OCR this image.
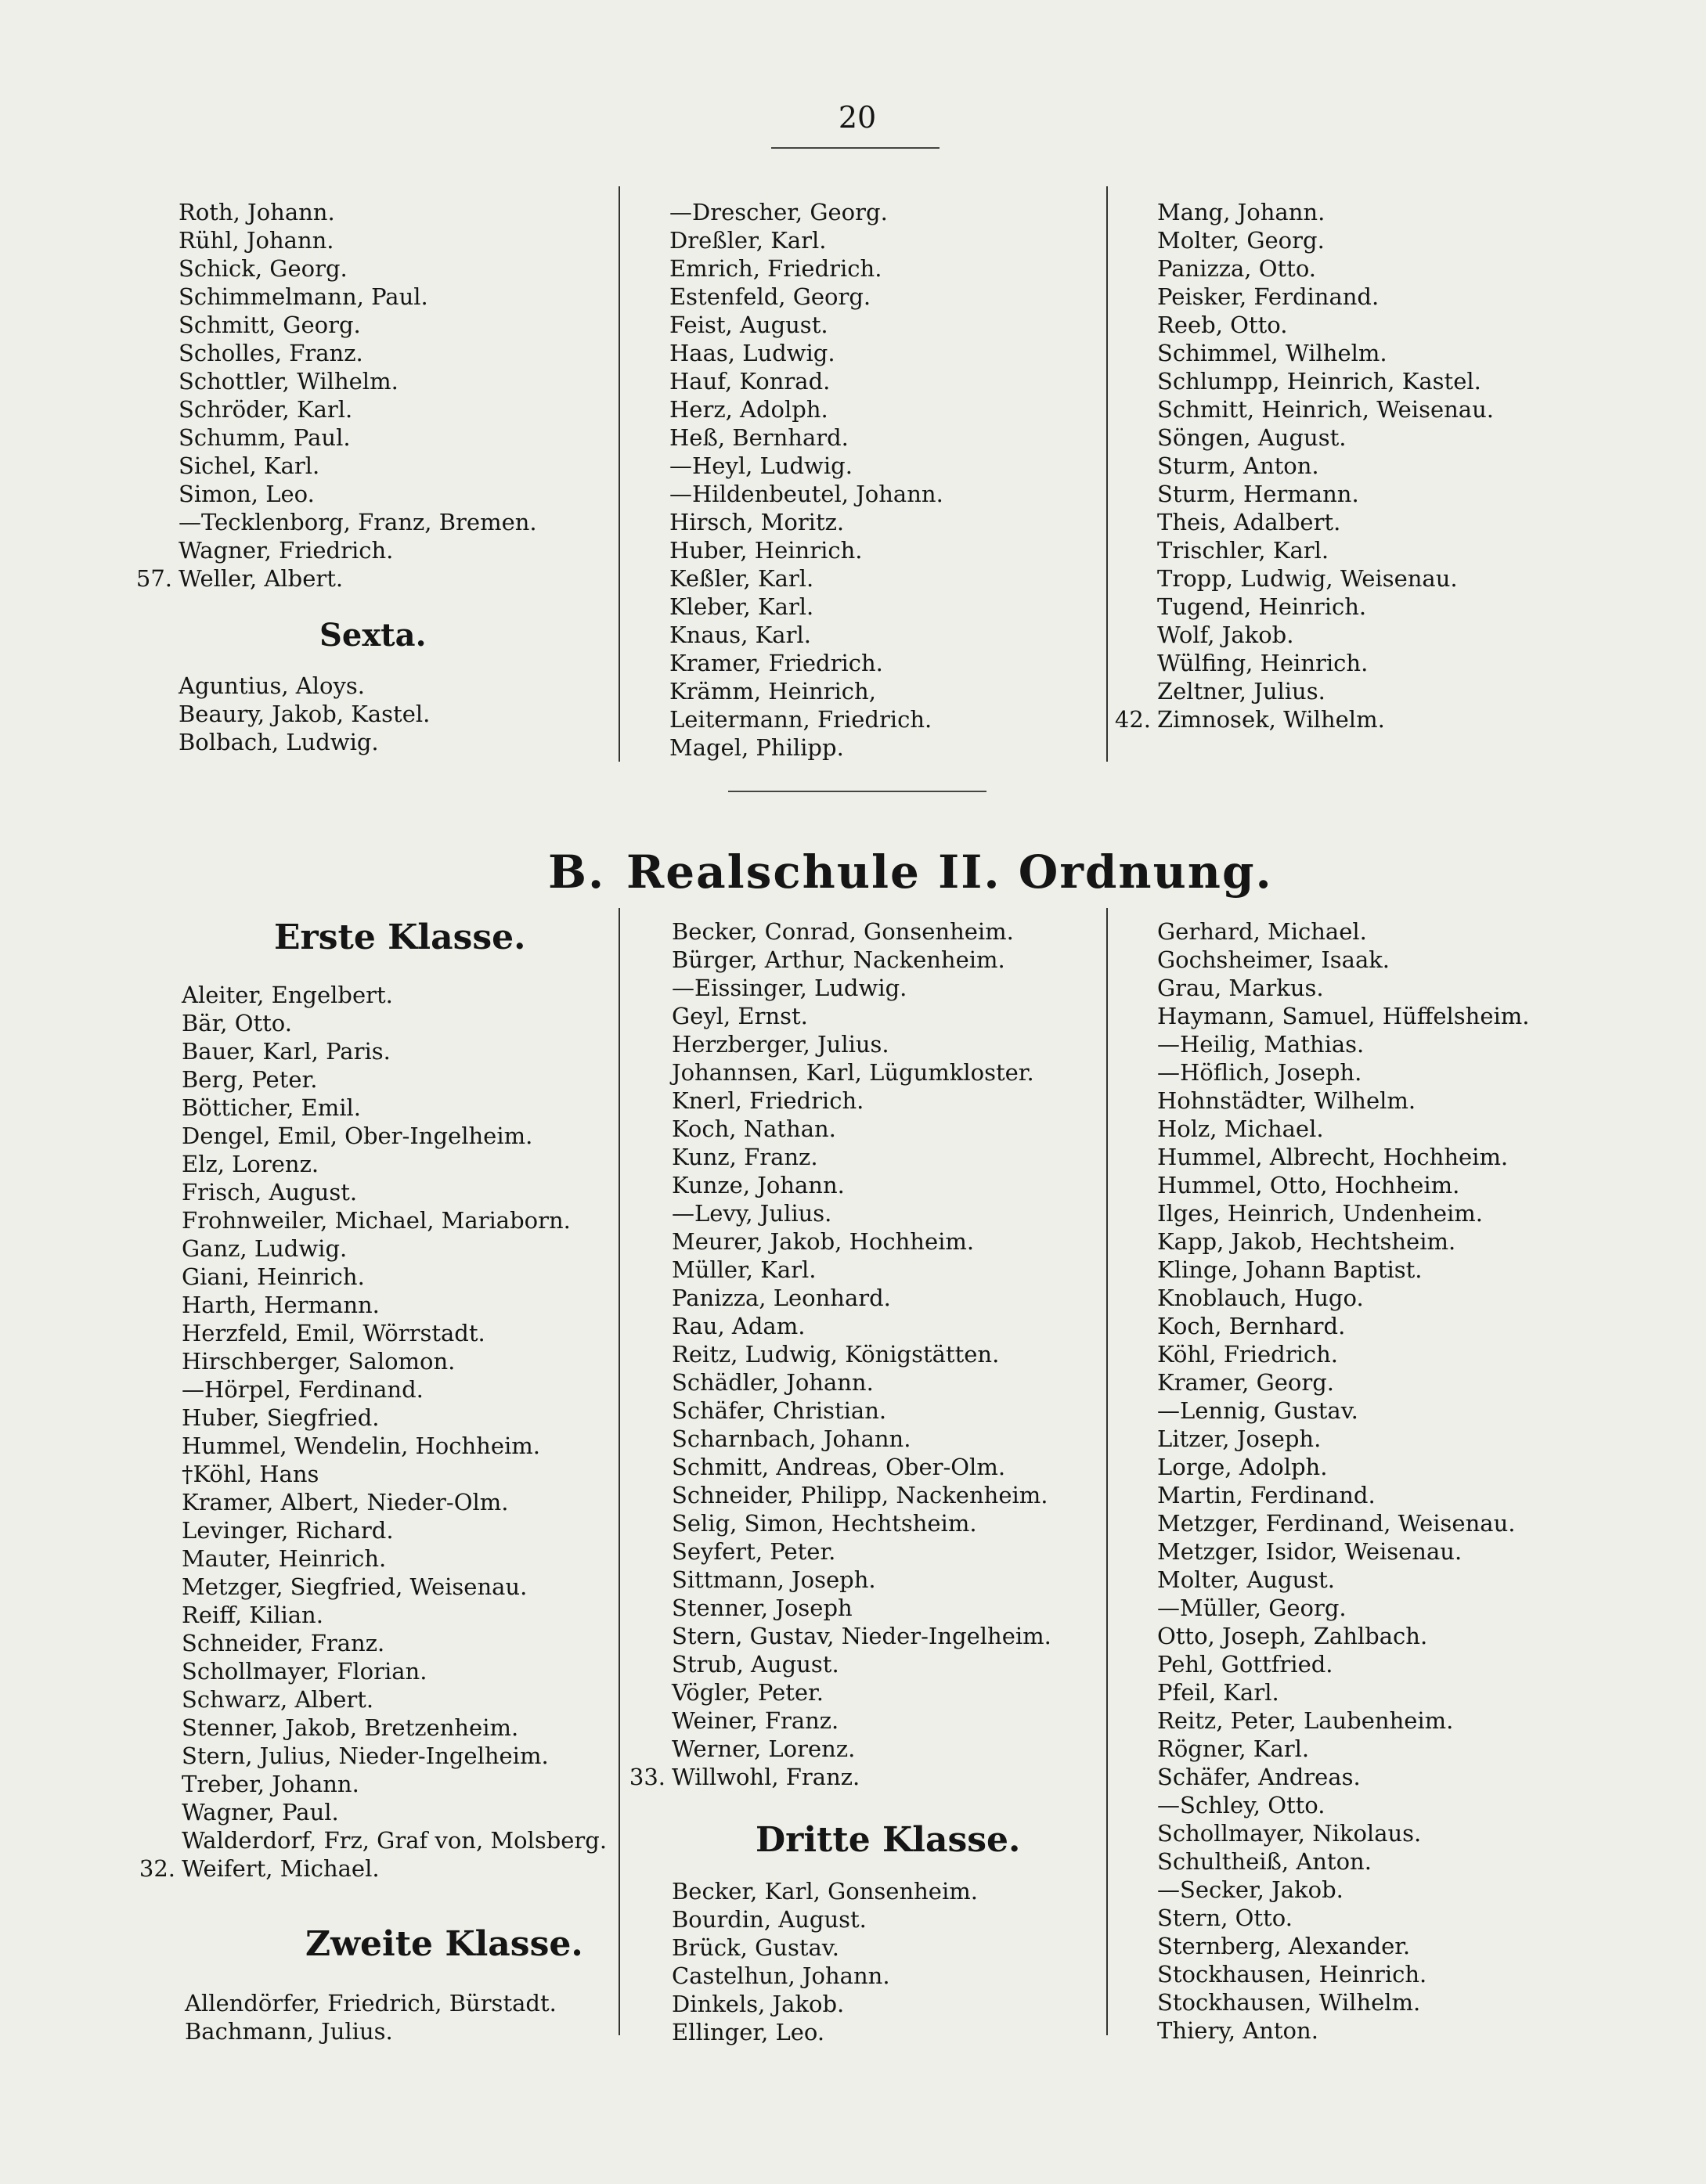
20
Roth, Johann.
Rühl, Johann.
Schick, Georg.
Schimmelmann, Paul.
Schmitt, Georg.
Scholles, Franz.
Schottler, Wilhelm.
Schröder, Karl.
Schumm, Paul.
Sichel, Karl.
Simon, Leo.
—Tecklenborg, Franz, Bremen.
Wagner, Friedrich.
57. Weller, Albert.
Sexta.
Aguntius, Aloys.
Beaury, Jakob, Kastel.
Bolbach, Ludwig.
—Drescher, Georg.
Dreßler, Karl.
Emrich, Friedrich.
Estenfeld, Georg.
Feist, August.
Haas, Ludwig.
Hauf, Konrad.
Herz, Adolph.
Heß, Bernhard.
—Heyl, Ludwig.
—Hildenbeutel, Johann.
Hirsch, Moritz.
Huber, Heinrich.
Keßler, Karl.
Kleber, Karl.
Knaus, Karl.
Kramer, Friedrich.
Krämm, Heinrich,
Leitermann, Friedrich.
Magel, Philipp.
Mang, Johann.
Molter, Georg.
Panizza, Otto.
Peisker, Ferdinand.
Reeb, Otto.
Schimmel, Wilhelm.
Schlumpp, Heinrich, Kastel.
Schmitt, Heinrich, Weisenau.
Söngen, August.
Sturm, Anton.
Sturm, Hermann.
Theis, Adalbert.
Trischler, Karl.
Tropp, Ludwig, Weisenau.
Tugend, Heinrich.
Wolf, Jakob.
Wülfing, Heinrich.
Zeltner, Julius.
42. Zimnosek, Wilhelm.
B. Realschule II. Ordnung.
Erste Klasse.
Aleiter, Engelbert.
Bär, Otto.
Bauer, Karl, Paris.
Berg, Peter.
Bötticher, Emil.
Dengel, Emil, Ober-Ingelheim.
Elz, Lorenz.
Frisch, August.
Frohnweiler, Michael, Mariaborn.
Ganz, Ludwig.
Giani, Heinrich.
Harth, Hermann.
Herzfeld, Emil, Wörrstadt.
Hirschberger, Salomon.
—Hörpel, Ferdinand.
Huber, Siegfried.
Hummel, Wendelin, Hochheim.
†Köhl, Hans
Kramer, Albert, Nieder-Olm.
Levinger, Richard.
Mauter, Heinrich.
Metzger, Siegfried, Weisenau.
Reiff, Kilian.
Schneider, Franz.
Schollmayer, Florian.
Schwarz, Albert.
Stenner, Jakob, Bretzenheim.
Stern, Julius, Nieder-Ingelheim.
Treber, Johann.
Wagner, Paul.
Walderdorf, Frz, Graf von, Molsberg.
32. Weifert, Michael.
Zweite Klasse.
Allendörfer, Friedrich, Bürstadt.
Bachmann, Julius.
Becker, Conrad, Gonsenheim.
Bürger, Arthur, Nackenheim.
—Eissinger, Ludwig.
Geyl, Ernst.
Herzberger, Julius.
Johannsen, Karl, Lügumkloster.
Knerl, Friedrich.
Koch, Nathan.
Kunz, Franz.
Kunze, Johann.
—Levy, Julius.
Meurer, Jakob, Hochheim.
Müller, Karl.
Panizza, Leonhard.
Rau, Adam.
Reitz, Ludwig, Königstätten.
Schädler, Johann.
Schäfer, Christian.
Scharnbach, Johann.
Schmitt, Andreas, Ober-Olm.
Schneider, Philipp, Nackenheim.
Selig, Simon, Hechtsheim.
Seyfert, Peter.
Sittmann, Joseph.
Stenner, Joseph
Stern, Gustav, Nieder-Ingelheim.
Strub, August.
Vögler, Peter.
Weiner, Franz.
Werner, Lorenz.
33. Willwohl, Franz.
Dritte Klasse.
Becker, Karl, Gonsenheim.
Bourdin, August.
Brück, Gustav.
Castelhun, Johann.
Dinkels, Jakob.
Ellinger, Leo.
Gerhard, Michael.
Gochsheimer, Isaak.
Grau, Markus.
Haymann, Samuel, Hüffelsheim.
—Heilig, Mathias.
—Höflich, Joseph.
Hohnstädter, Wilhelm.
Holz, Michael.
Hummel, Albrecht, Hochheim.
Hummel, Otto, Hochheim.
Ilges, Heinrich, Undenheim.
Kapp, Jakob, Hechtsheim.
Klinge, Johann Baptist.
Knoblauch, Hugo.
Koch, Bernhard.
Köhl, Friedrich.
Kramer, Georg.
—Lennig, Gustav.
Litzer, Joseph.
Lorge, Adolph.
Martin, Ferdinand.
Metzger, Ferdinand, Weisenau.
Metzger, Isidor, Weisenau.
Molter, August.
—Müller, Georg.
Otto, Joseph, Zahlbach.
Pehl, Gottfried.
Pfeil, Karl.
Reitz, Peter, Laubenheim.
Rögner, Karl.
Schäfer, Andreas.
—Schley, Otto.
Schollmayer, Nikolaus.
Schultheiß, Anton.
—Secker, Jakob.
Stern, Otto.
Sternberg, Alexander.
Stockhausen, Heinrich.
Stockhausen, Wilhelm.
Thiery, Anton.
